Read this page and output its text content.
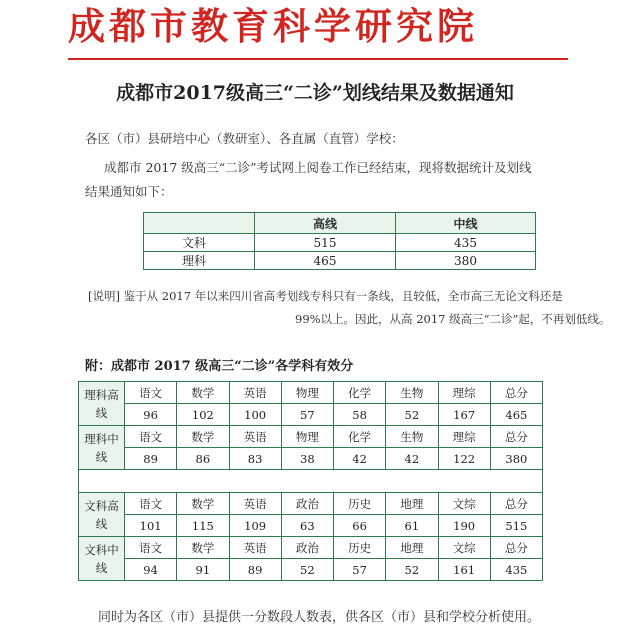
成都市教育科学研究院
成都市2017级高三“二诊”划线结果及数据通知
各区（市）县研培中心（教研室）、各直属（直管）学校：
成都市 2017 级高三“二诊”考试网上阅卷工作已经结束，现将数据统计及划线
结果通知如下：
	高线	中线
文科	515	435
理科	465	380
[说明] 鉴于从 2017 年以来四川省高考划线专科只有一条线，且较低，全市高三无论文科还是
99%以上。因此，从高 2017 级高三“二诊”起，不再划低线。
附：成都市 2017 级高三“二诊”各学科有效分
理科高线	语文	数学	英语	物理	化学	生物	理综	总分
	96	102	100	57	58	52	167	465
理科中线	语文	数学	英语	物理	化学	生物	理综	总分
	89	86	83	38	42	42	122	380

文科高线	语文	数学	英语	政治	历史	地理	文综	总分
	101	115	109	63	66	61	190	515
文科中线	语文	数学	英语	政治	历史	地理	文综	总分
	94	91	89	52	57	52	161	435
同时为各区（市）县提供一分数段人数表，供各区（市）县和学校分析使用。
